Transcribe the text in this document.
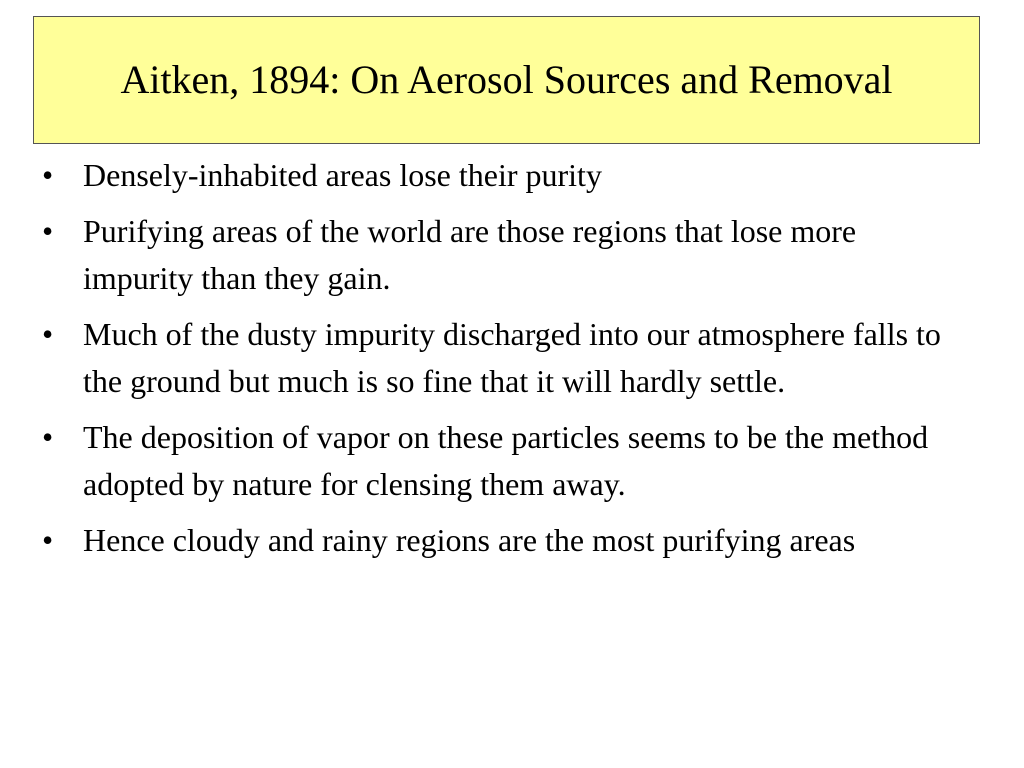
Aitken, 1894: On Aerosol Sources and Removal
• Densely-inhabited areas lose their purity
• Purifying areas of the world are those regions that lose more impurity than they gain.
• Much of the dusty impurity discharged into our atmosphere falls to the ground but much is so fine that it will hardly settle.
• The deposition of vapor on these particles seems to be the method adopted by nature for clensing them away.
• Hence cloudy and rainy regions are the most purifying areas
